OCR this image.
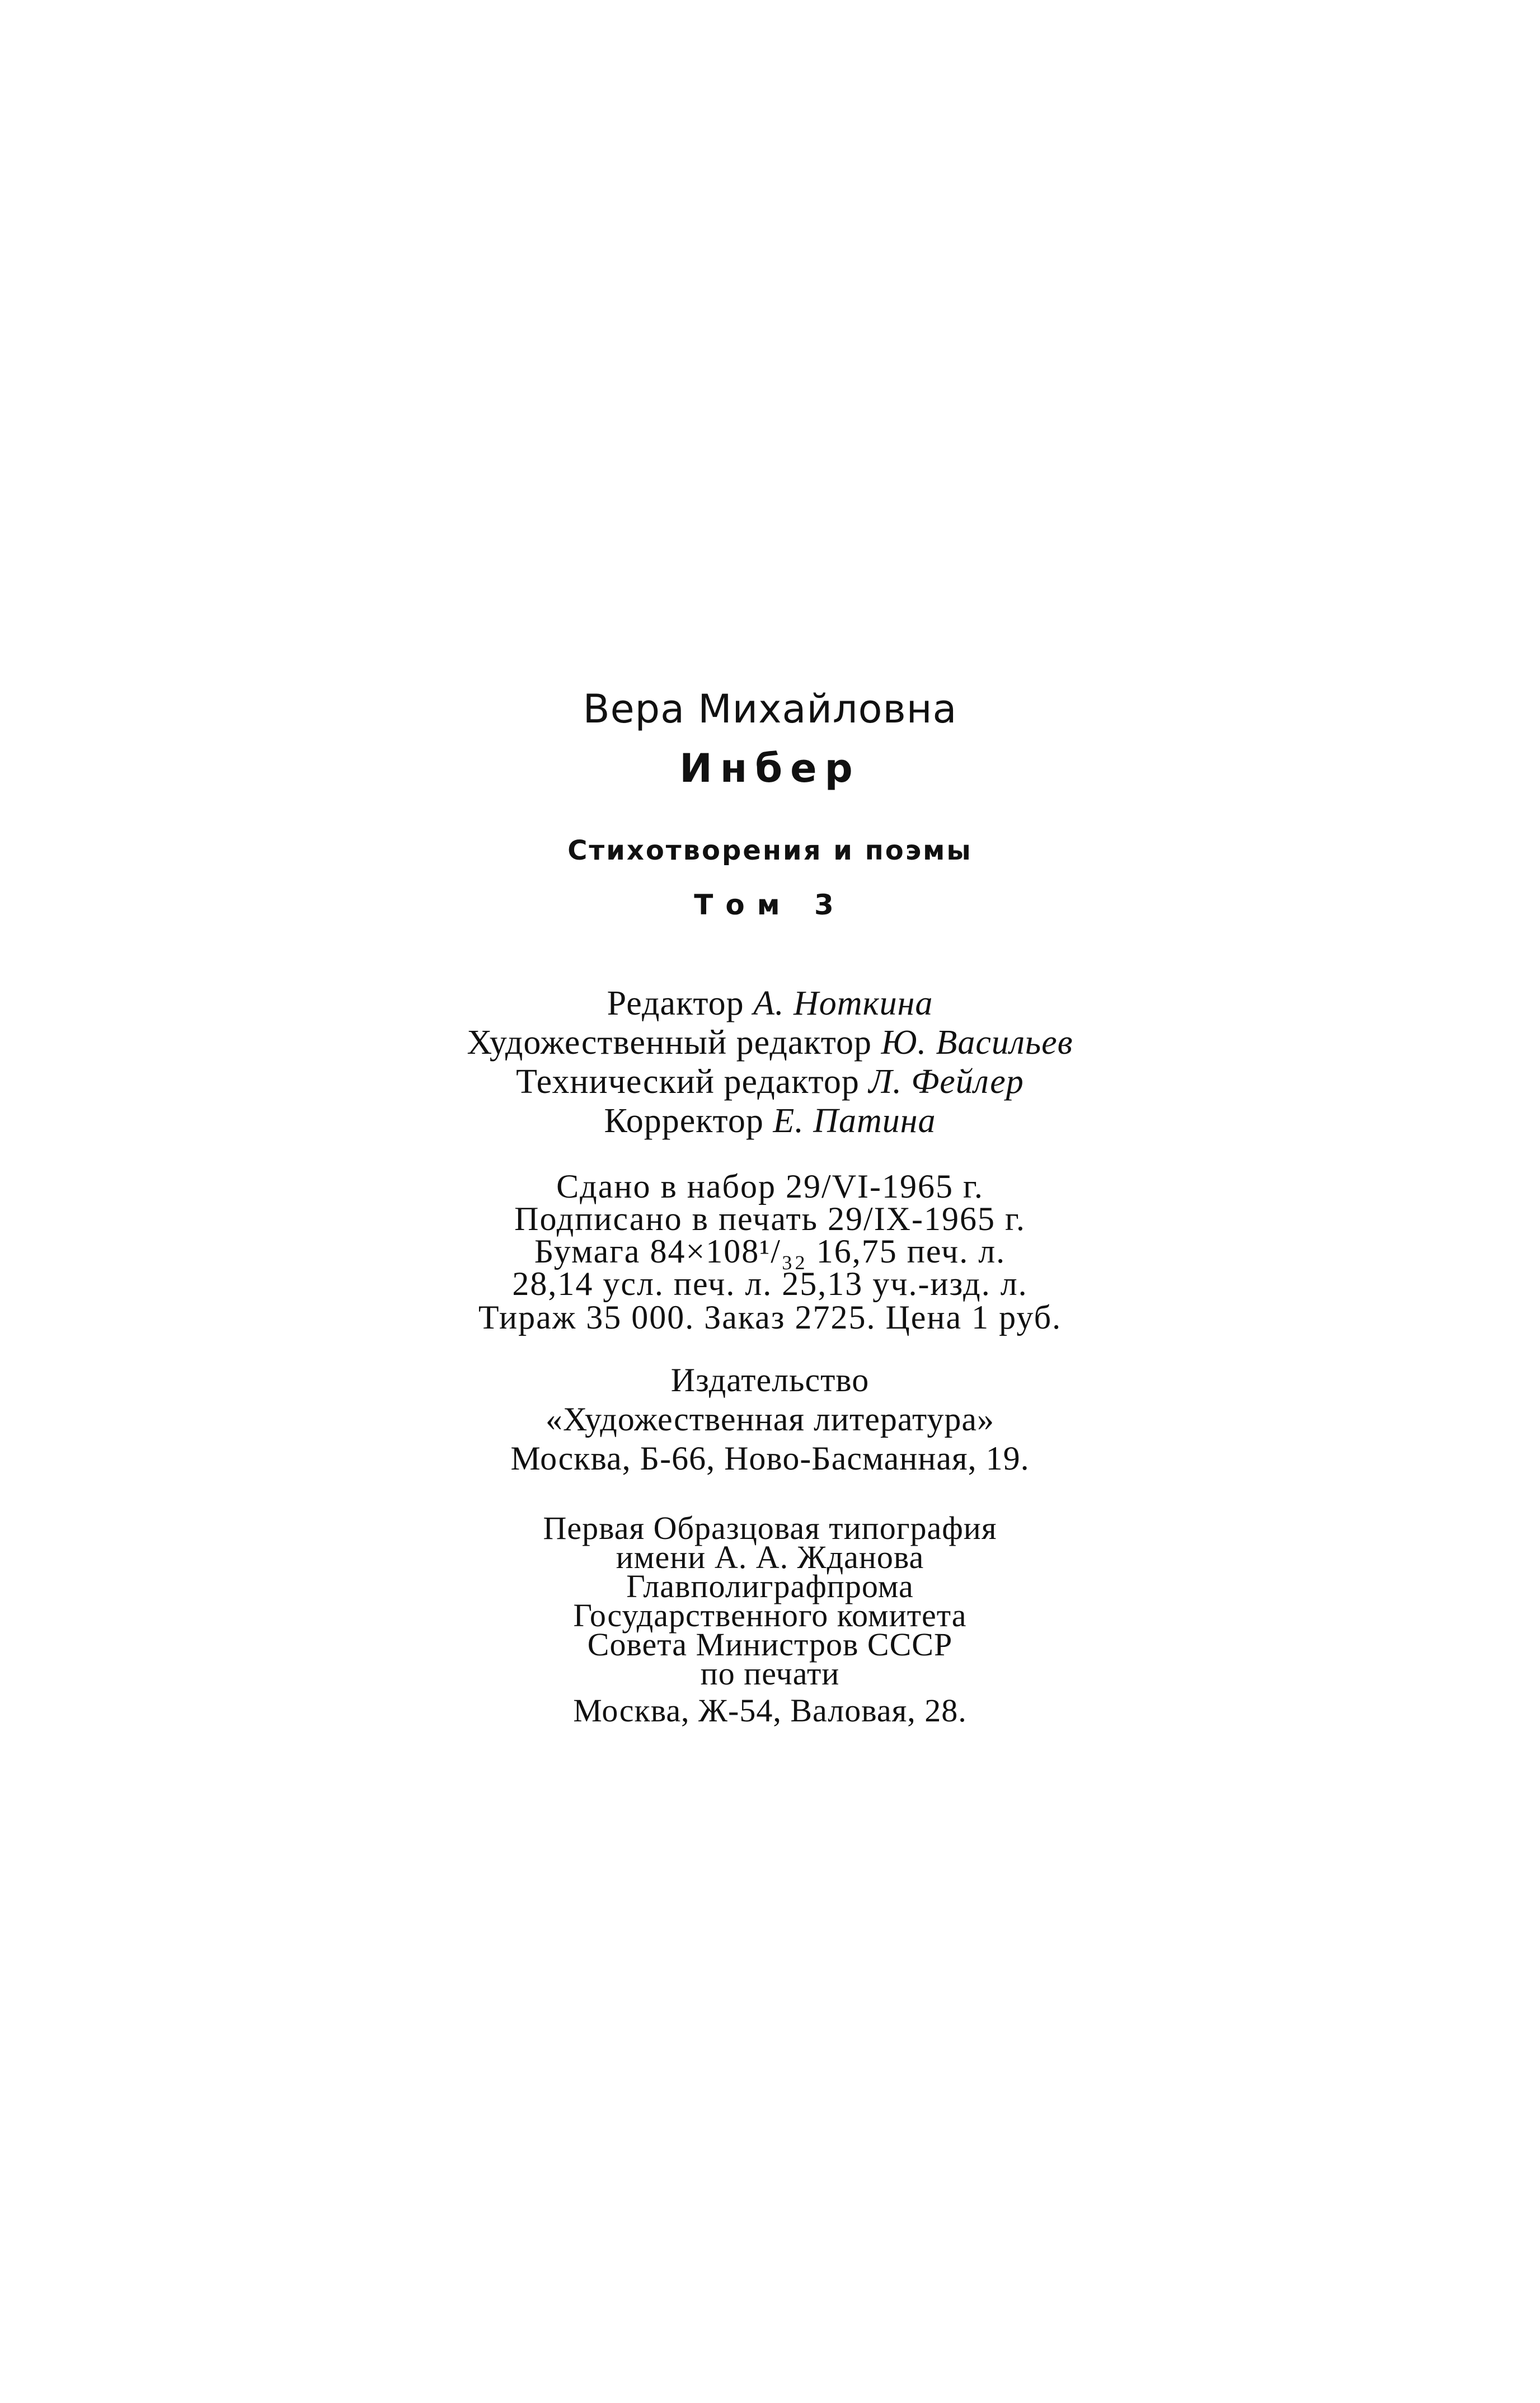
Вера Михайловна
Инбер
Стихотворения и поэмы
Том 3
Редактор А. Ноткина
Художественный редактор Ю. Васильев
Технический редактор Л. Фейлер
Корректор Е. Патина
Сдано в набор 29/VI-1965 г.
Подписано в печать 29/IX-1965 г.
Бумага 84×108¹/₃₂ 16,75 печ. л.
28,14 усл. печ. л. 25,13 уч.-изд. л.
Тираж 35 000. Заказ 2725. Цена 1 руб.
Издательство
«Художественная литература»
Москва, Б-66, Ново-Басманная, 19.
Первая Образцовая типография
имени А. А. Жданова
Главполиграфпрома
Государственного комитета
Совета Министров СССР
по печати
Москва, Ж-54, Валовая, 28.
